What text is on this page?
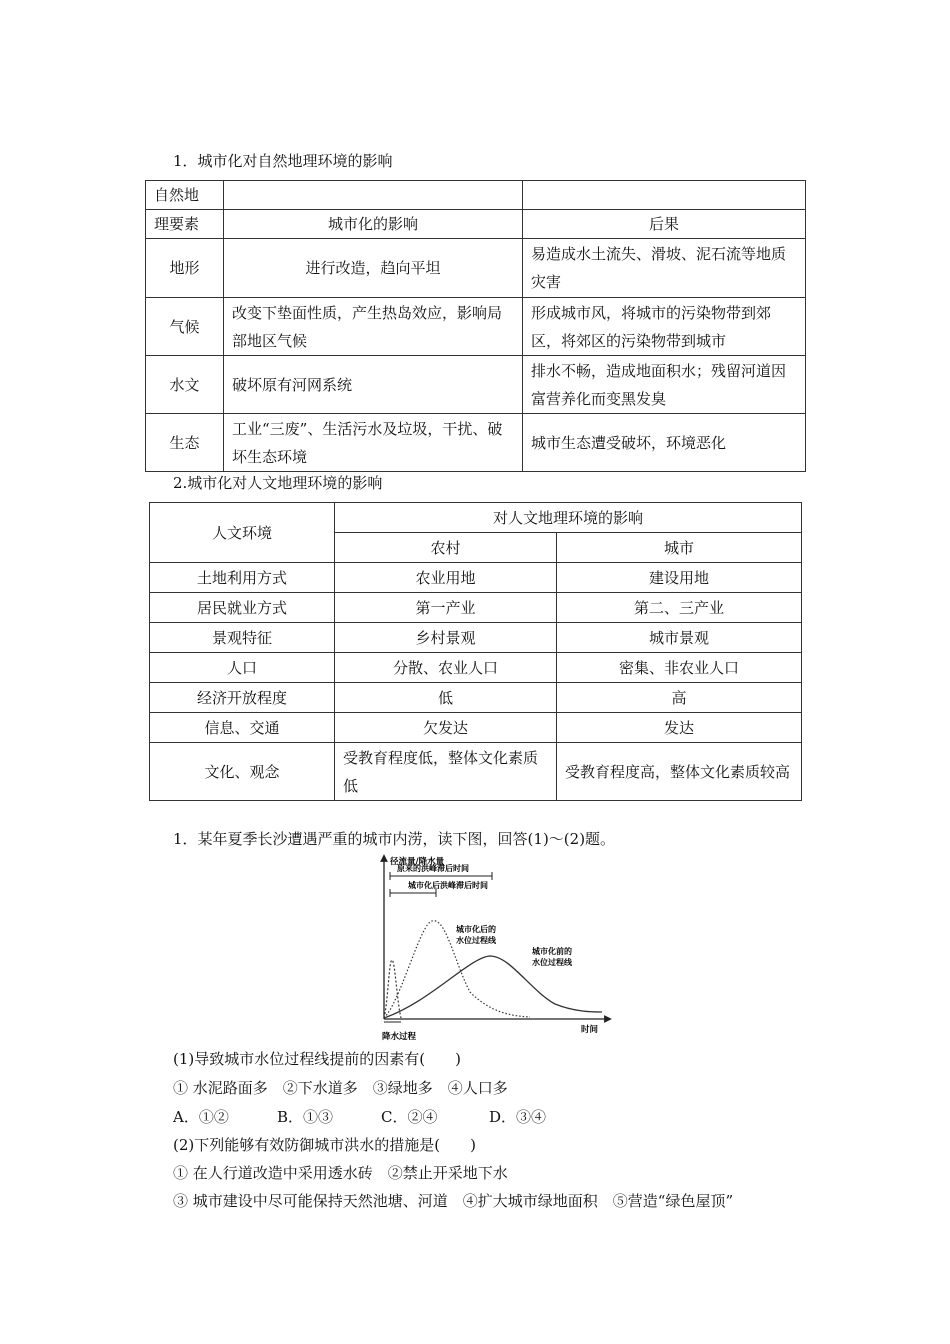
1．城市化对自然地理环境的影响
自然地		
理要素	城市化的影响	后果
地形	进行改造，趋向平坦	易造成水土流失、滑坡、泥石流等地质灾害
气候	改变下垫面性质，产生热岛效应，影响局部地区气候	形成城市风，将城市的污染物带到郊区，将郊区的污染物带到城市
水文	破坏原有河网系统	排水不畅，造成地面积水；残留河道因富营养化而变黑发臭
生态	工业“三废”、生活污水及垃圾，干扰、破坏生态环境	城市生态遭受破坏，环境恶化
2.城市化对人文地理环境的影响
人文环境	对人文地理环境的影响	
	农村	城市
土地利用方式	农业用地	建设用地
居民就业方式	第一产业	第二、三产业
景观特征	乡村景观	城市景观
人口	分散、农业人口	密集、非农业人口
经济开放程度	低	高
信息、交通	欠发达	发达
文化、观念	受教育程度低，整体文化素质低	受教育程度高，整体文化素质较高
1．某年夏季长沙遭遇严重的城市内涝，读下图，回答(1)～(2)题。
径流量/降水量
原来的洪峰滞后时间
城市化后洪峰滞后时间
城市化后的
水位过程线
城市化前的
水位过程线
时间
降水过程
(1)导致城市水位过程线提前的因素有(　　)
① 水泥路面多　②下水道多　③绿地多　④人口多
A．①②	B．①③	C．②④	D．③④
(2)下列能够有效防御城市洪水的措施是(　　)
① 在人行道改造中采用透水砖　②禁止开采地下水
③ 城市建设中尽可能保持天然池塘、河道　④扩大城市绿地面积　⑤营造“绿色屋顶”
